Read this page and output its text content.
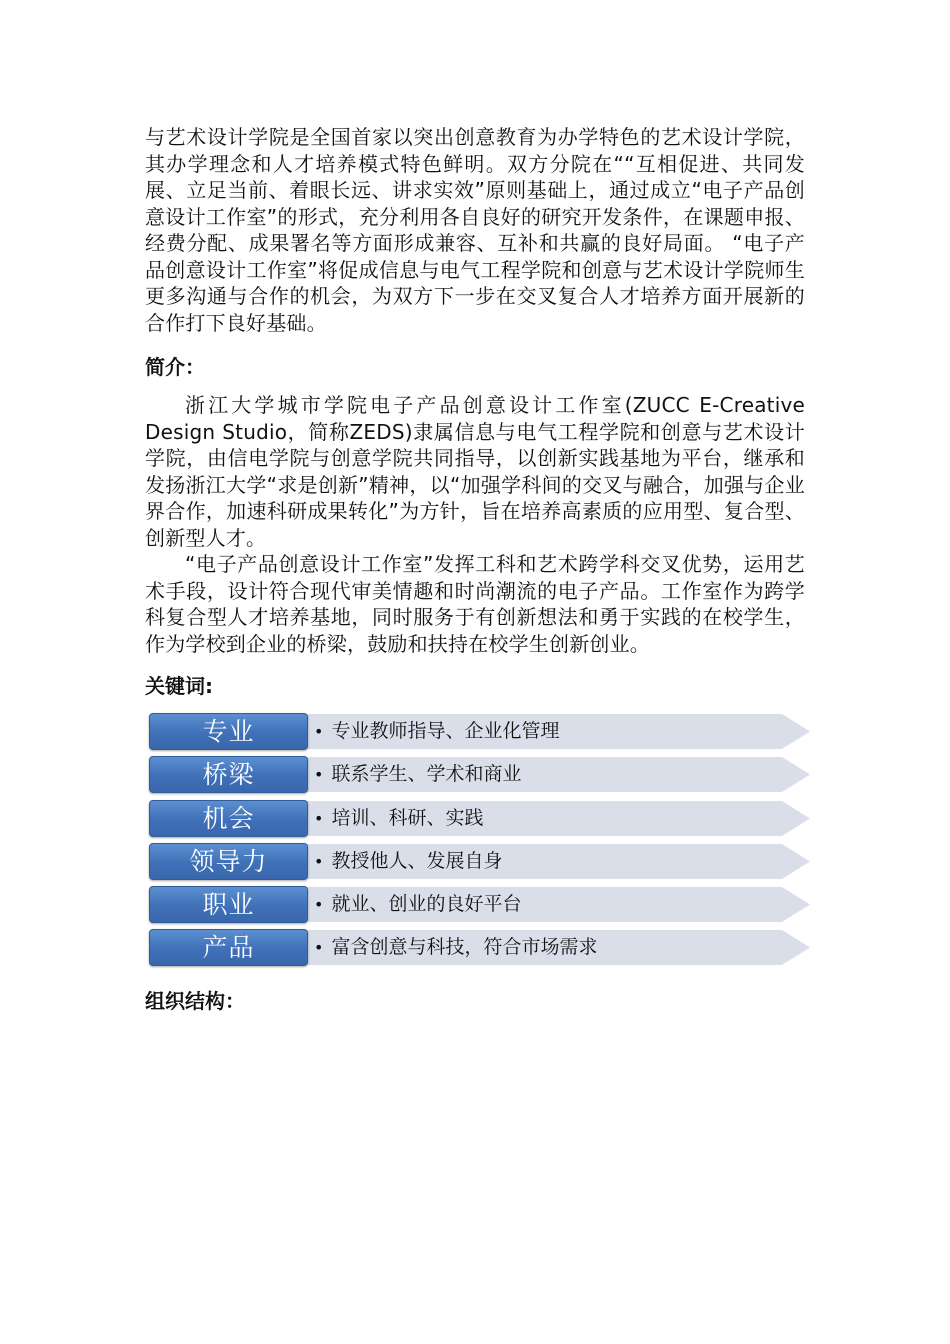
与艺术设计学院是全国首家以突出创意教育为办学特色的艺术设计学院，其办学理念和人才培养模式特色鲜明。双方分院在““互相促进、共同发展、立足当前、着眼长远、讲求实效”原则基础上，通过成立“电子产品创意设计工作室”的形式，充分利用各自良好的研究开发条件，在课题申报、经费分配、成果署名等方面形成兼容、互补和共赢的良好局面。 “电子产品创意设计工作室”将促成信息与电气工程学院和创意与艺术设计学院师生更多沟通与合作的机会，为双方下一步在交叉复合人才培养方面开展新的合作打下良好基础。

简介：

浙江大学城市学院电子产品创意设计工作室(ZUCC E-Creative Design Studio，简称ZEDS)隶属信息与电气工程学院和创意与艺术设计学院，由信电学院与创意学院共同指导，以创新实践基地为平台，继承和发扬浙江大学“求是创新”精神，以“加强学科间的交叉与融合，加强与企业界合作，加速科研成果转化”为方针，旨在培养高素质的应用型、复合型、创新型人才。

“电子产品创意设计工作室”发挥工科和艺术跨学科交叉优势，运用艺术手段，设计符合现代审美情趣和时尚潮流的电子产品。工作室作为跨学科复合型人才培养基地，同时服务于有创新想法和勇于实践的在校学生，作为学校到企业的桥梁，鼓励和扶持在校学生创新创业。

关键词:
专业	• 专业教师指导、企业化管理
桥梁	• 联系学生、学术和商业
机会	• 培训、科研、实践
领导力	• 教授他人、发展自身
职业	• 就业、创业的良好平台
产品	• 富含创意与科技，符合市场需求
组织结构：
